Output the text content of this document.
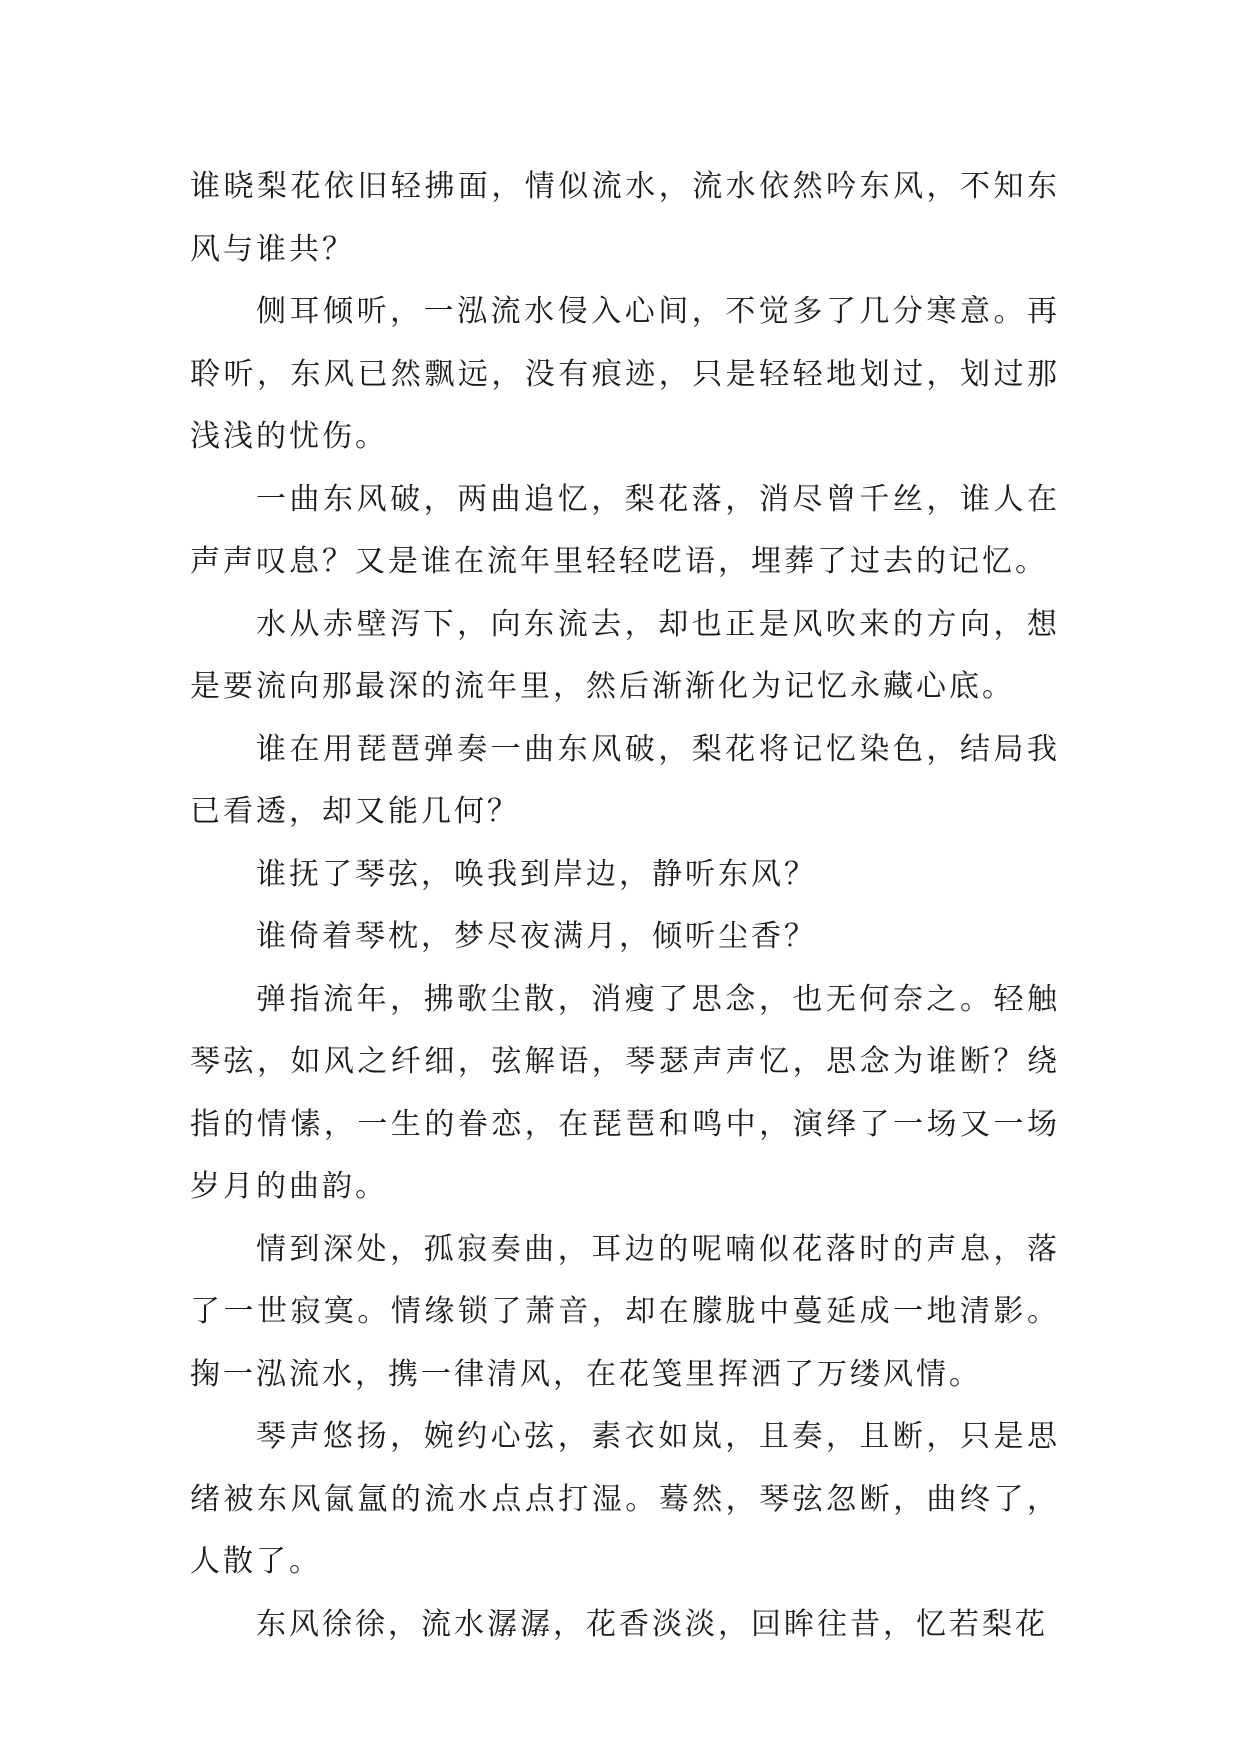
谁晓梨花依旧轻拂面，情似流水，流水依然吟东风，不知东风与谁共？

侧耳倾听，一泓流水侵入心间，不觉多了几分寒意。再聆听，东风已然飘远，没有痕迹，只是轻轻地划过，划过那浅浅的忧伤。

一曲东风破，两曲追忆，梨花落，消尽曾千丝，谁人在声声叹息？又是谁在流年里轻轻呓语，埋葬了过去的记忆。

水从赤壁泻下，向东流去，却也正是风吹来的方向，想是要流向那最深的流年里，然后渐渐化为记忆永藏心底。

谁在用琵琶弹奏一曲东风破，梨花将记忆染色，结局我已看透，却又能几何？

谁抚了琴弦，唤我到岸边，静听东风？

谁倚着琴枕，梦尽夜满月，倾听尘香？

弹指流年，拂歌尘散，消瘦了思念，也无何奈之。轻触琴弦，如风之纤细，弦解语，琴瑟声声忆，思念为谁断？绕指的情愫，一生的眷恋，在琵琶和鸣中，演绎了一场又一场岁月的曲韵。

情到深处，孤寂奏曲，耳边的呢喃似花落时的声息，落了一世寂寞。情缘锁了萧音，却在朦胧中蔓延成一地清影。掬一泓流水，携一律清风，在花笺里挥洒了万缕风情。

琴声悠扬，婉约心弦，素衣如岚，且奏，且断，只是思绪被东风氤氲的流水点点打湿。蓦然，琴弦忽断，曲终了，人散了。

东风徐徐，流水潺潺，花香淡淡，回眸往昔，忆若梨花
